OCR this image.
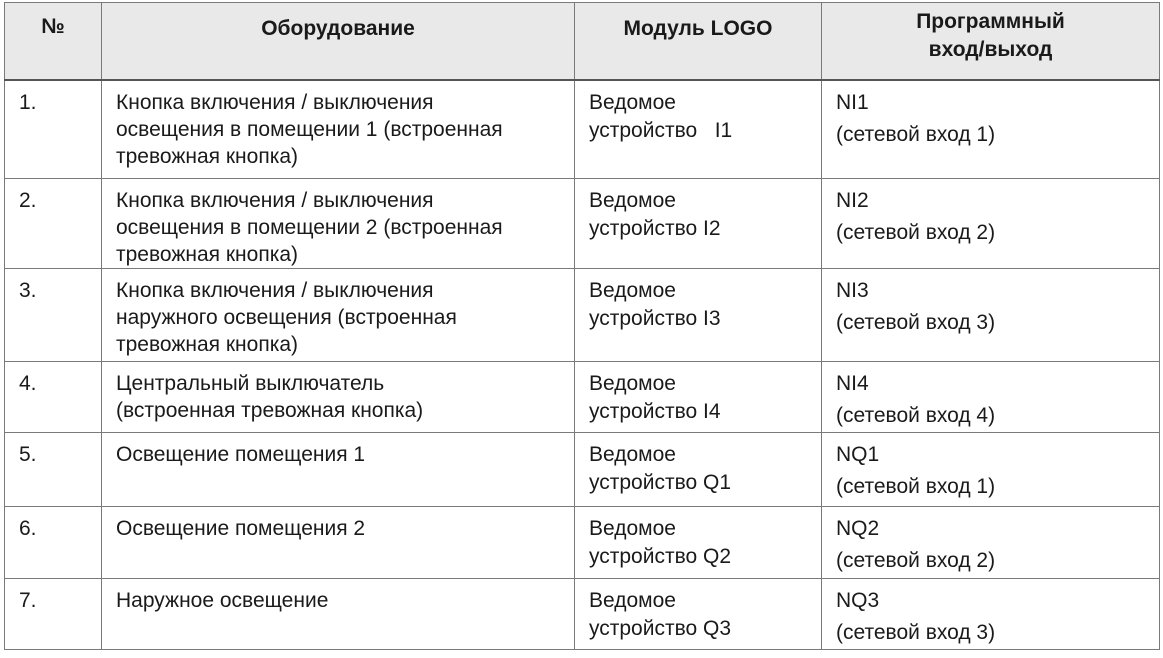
№	Оборудование	Модуль LOGO	Программный
вход/выход

1.	Кнопка включения / выключения
освещения в помещении 1 (встроенная
тревожная кнопка)	Ведомое
устройство   I1	NI1
(сетевой вход 1)

2.	Кнопка включения / выключения
освещения в помещении 2 (встроенная
тревожная кнопка)	Ведомое
устройство I2	NI2
(сетевой вход 2)

3.	Кнопка включения / выключения
наружного освещения (встроенная
тревожная кнопка)	Ведомое
устройство I3	NI3
(сетевой вход 3)

4.	Центральный выключатель
(встроенная тревожная кнопка)	Ведомое
устройство I4	NI4
(сетевой вход 4)

5.	Освещение помещения 1	Ведомое
устройство Q1	NQ1
(сетевой вход 1)

6.	Освещение помещения 2	Ведомое
устройство Q2	NQ2
(сетевой вход 2)

7.	Наружное освещение	Ведомое
устройство Q3	NQ3
(сетевой вход 3)
